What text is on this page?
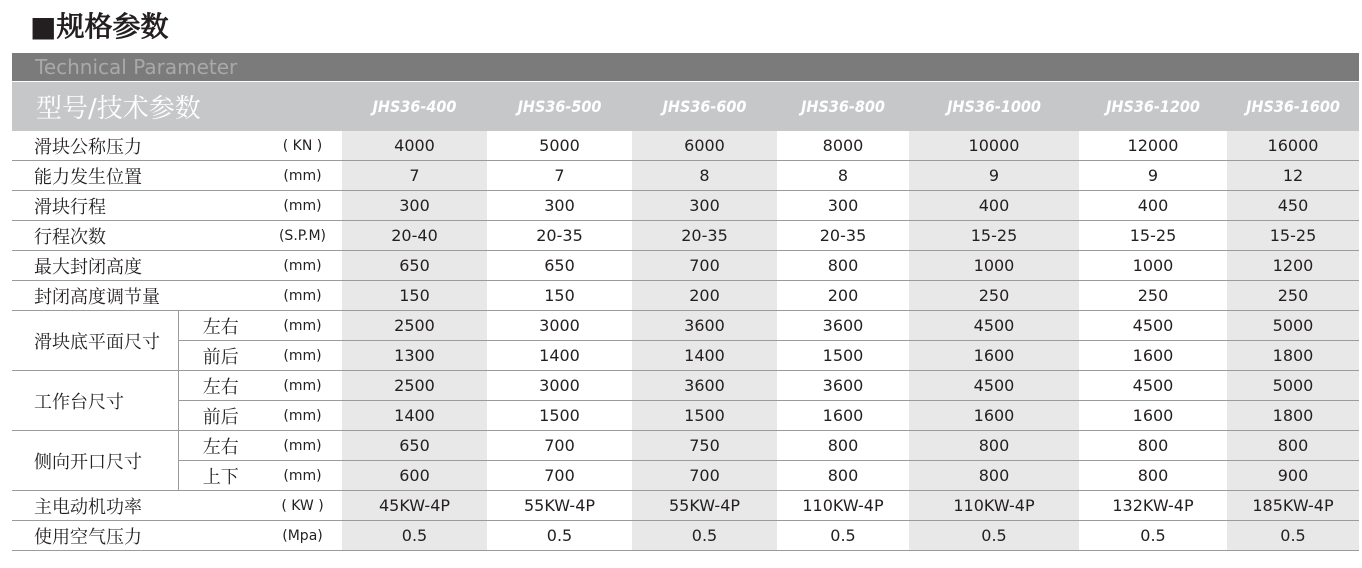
■规格参数
Technical Parameter
型号/技术参数			JHS36-400	JHS36-500	JHS36-600	JHS36-800	JHS36-1000	JHS36-1200	JHS36-1600
滑块公称压力		( KN )	4000	5000	6000	8000	10000	12000	16000
能力发生位置		(mm)	7	7	8	8	9	9	12
滑块行程		(mm)	300	300	300	300	400	400	450
行程次数		(S.P.M)	20-40	20-35	20-35	20-35	15-25	15-25	15-25
最大封闭高度		(mm)	650	650	700	800	1000	1000	1200
封闭高度调节量		(mm)	150	150	200	200	250	250	250
滑块底平面尺寸	左右	(mm)	2500	3000	3600	3600	4500	4500	5000
	前后	(mm)	1300	1400	1400	1500	1600	1600	1800
工作台尺寸	左右	(mm)	2500	3000	3600	3600	4500	4500	5000
	前后	(mm)	1400	1500	1500	1600	1600	1600	1800
侧向开口尺寸	左右	(mm)	650	700	750	800	800	800	800
	上下	(mm)	600	700	700	800	800	800	900
主电动机功率		( KW )	45KW-4P	55KW-4P	55KW-4P	110KW-4P	110KW-4P	132KW-4P	185KW-4P
使用空气压力		(Mpa)	0.5	0.5	0.5	0.5	0.5	0.5	0.5
